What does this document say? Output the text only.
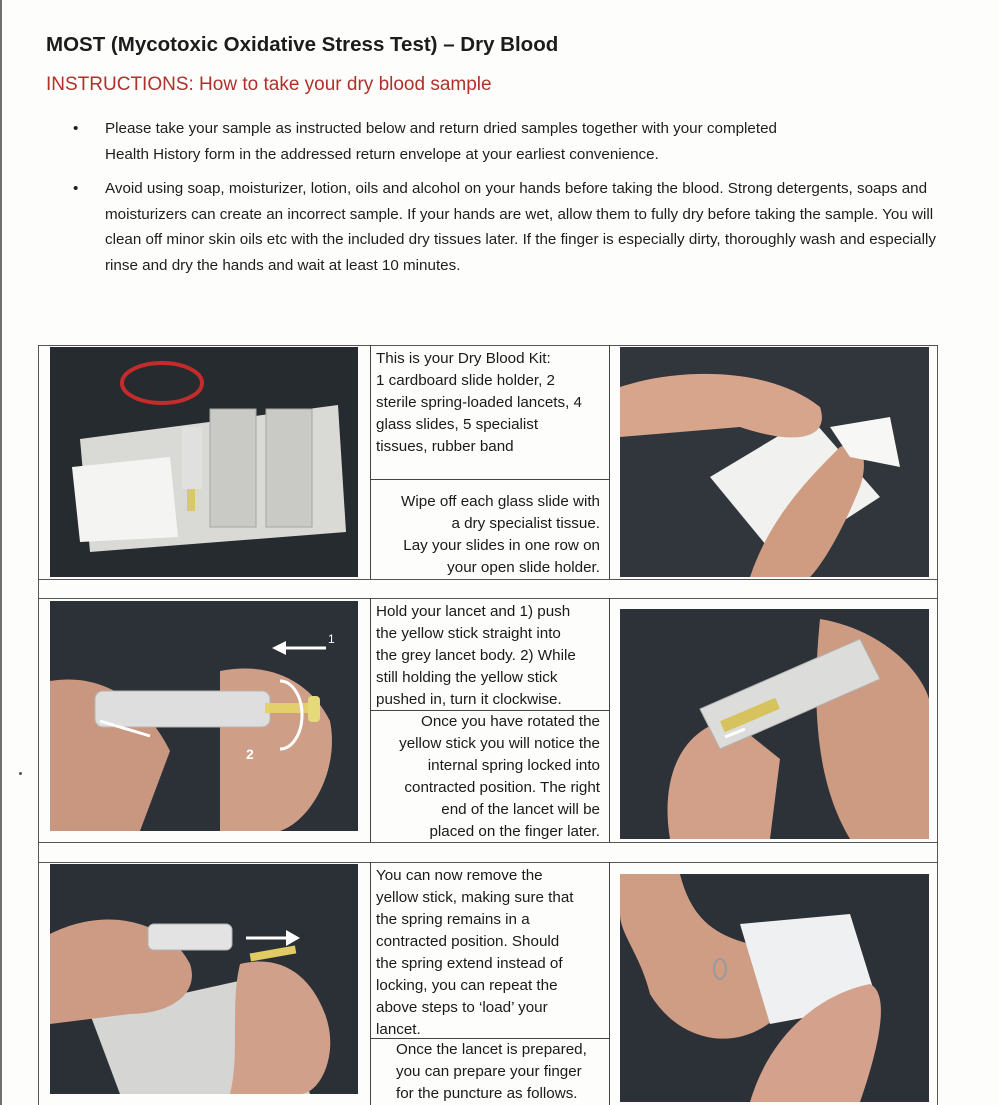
MOST (Mycotoxic Oxidative Stress Test) – Dry Blood
INSTRUCTIONS: How to take your dry blood sample
• Please take your sample as instructed below and return dried samples together with your completed Health History form in the addressed return envelope at your earliest convenience.
• Avoid using soap, moisturizer, lotion, oils and alcohol on your hands before taking the blood. Strong detergents, soaps and moisturizers can create an incorrect sample. If your hands are wet, allow them to fully dry before taking the sample. You will clean off minor skin oils etc with the included dry tissues later. If the finger is especially dirty, thoroughly wash and especially rinse and dry the hands and wait at least 10 minutes.

This is your Dry Blood Kit:
1 cardboard slide holder, 2
sterile spring-loaded lancets, 4
glass slides, 5 specialist
tissues, rubber band

Wipe off each glass slide with
a dry specialist tissue.
Lay your slides in one row on
your open slide holder.

1
2

Hold your lancet and 1) push
the yellow stick straight into
the grey lancet body. 2) While
still holding the yellow stick
pushed in, turn it clockwise.

Once you have rotated the
yellow stick you will notice the
internal spring locked into
contracted position. The right
end of the lancet will be
placed on the finger later.

You can now remove the
yellow stick, making sure that
the spring remains in a
contracted position. Should
the spring extend instead of
locking, you can repeat the
above steps to ‘load’ your
lancet.

Once the lancet is prepared,
you can prepare your finger
for the puncture as follows.
